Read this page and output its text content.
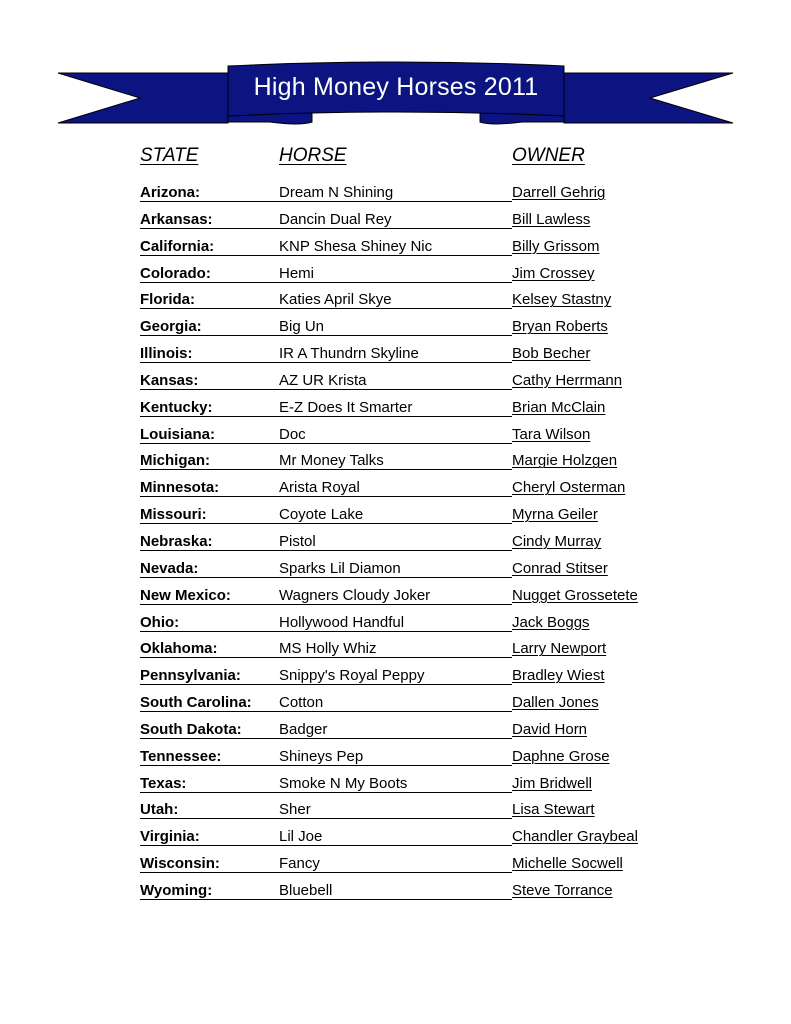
High Money Horses 2011
STATE	HORSE	OWNER
Arizona:	Dream N Shining	Darrell Gehrig
Arkansas:	Dancin Dual Rey	Bill Lawless
California:	KNP Shesa Shiney Nic	Billy Grissom
Colorado:	Hemi	Jim Crossey
Florida:	Katies April Skye	Kelsey Stastny
Georgia:	Big Un	Bryan Roberts
Illinois:	IR A Thundrn Skyline	Bob Becher
Kansas:	AZ UR Krista	Cathy Herrmann
Kentucky:	E-Z Does It Smarter	Brian McClain
Louisiana:	Doc	Tara Wilson
Michigan:	Mr Money Talks	Margie Holzgen
Minnesota:	Arista Royal	Cheryl Osterman
Missouri:	Coyote Lake	Myrna Geiler
Nebraska:	Pistol	Cindy Murray
Nevada:	Sparks Lil Diamon	Conrad Stitser
New Mexico:	Wagners Cloudy Joker	Nugget Grossetete
Ohio:	Hollywood Handful	Jack Boggs
Oklahoma:	MS Holly Whiz	Larry Newport
Pennsylvania:	Snippy's Royal Peppy	Bradley Wiest
South Carolina: Cotton	Dallen Jones
South Dakota: Badger	David Horn
Tennessee:	Shineys Pep	Daphne Grose
Texas:	Smoke N My Boots	Jim Bridwell
Utah:	Sher	Lisa Stewart
Virginia:	Lil Joe	Chandler Graybeal
Wisconsin:	Fancy	Michelle Socwell
Wyoming:	Bluebell	Steve Torrance
